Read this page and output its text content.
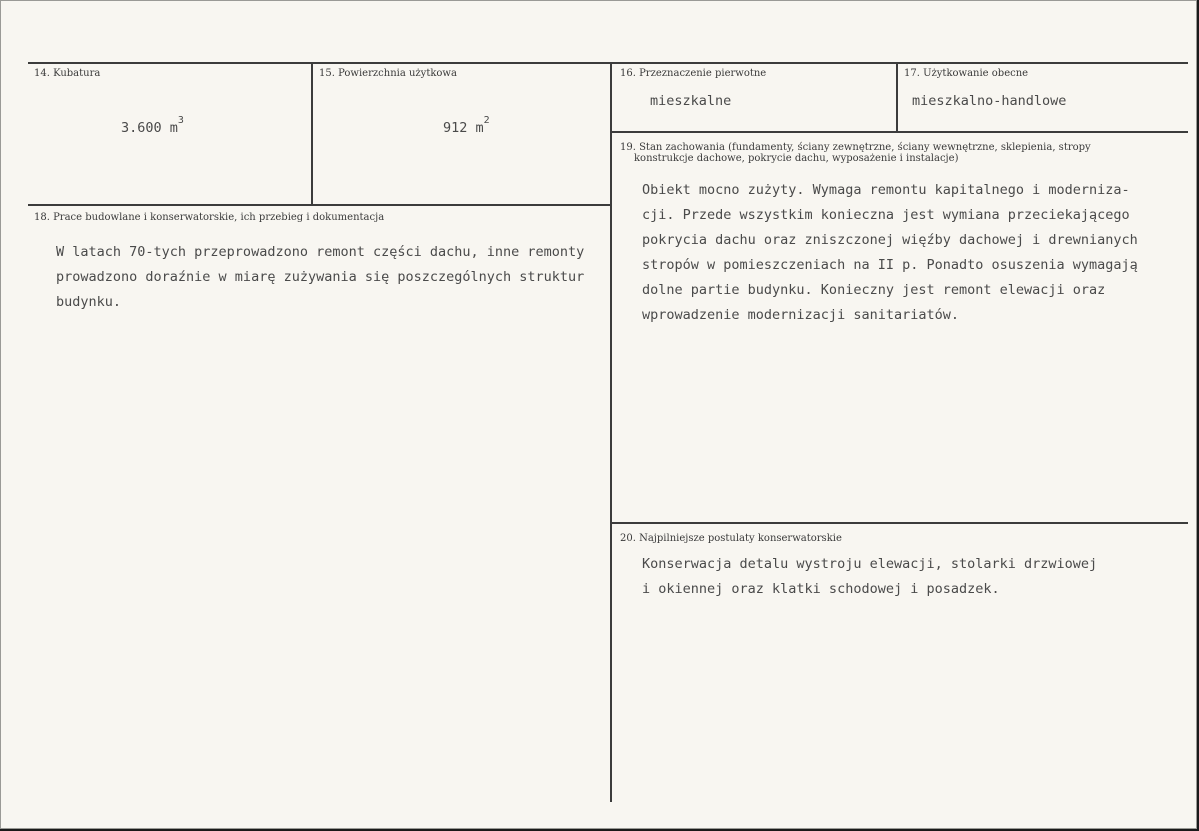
14. Kubatura
3.600 $m^3$
15. Powierzchnia użytkowa
912 $m^2$
16. Przeznaczenie pierwotne
mieszkalne
17. Użytkowanie obecne
mieszkalno-handlowe
19. Stan zachowania (fundamenty, ściany zewnętrzne, ściany wewnętrzne, sklepienia, stropy
konstrukcje dachowe, pokrycie dachu, wyposażenie i instalacje)
Obiekt mocno zużyty. Wymaga remontu kapitalnego i moderniza-
cji. Przede wszystkim konieczna jest wymiana przeciekającego
pokrycia dachu oraz zniszczonej więźby dachowej i drewnianych
stropów w pomieszczeniach na II p. Ponadto osuszenia wymagają
dolne partie budynku. Konieczny jest remont elewacji oraz
wprowadzenie modernizacji sanitariatów.
18. Prace budowlane i konserwatorskie, ich przebieg i dokumentacja
W latach 70-tych przeprowadzono remont części dachu, inne remonty
prowadzono doraźnie w miarę zużywania się poszczególnych struktur
budynku.
20. Najpilniejsze postulaty konserwatorskie
Konserwacja detalu wystroju elewacji, stolarki drzwiowej
i okiennej oraz klatki schodowej i posadzek.
